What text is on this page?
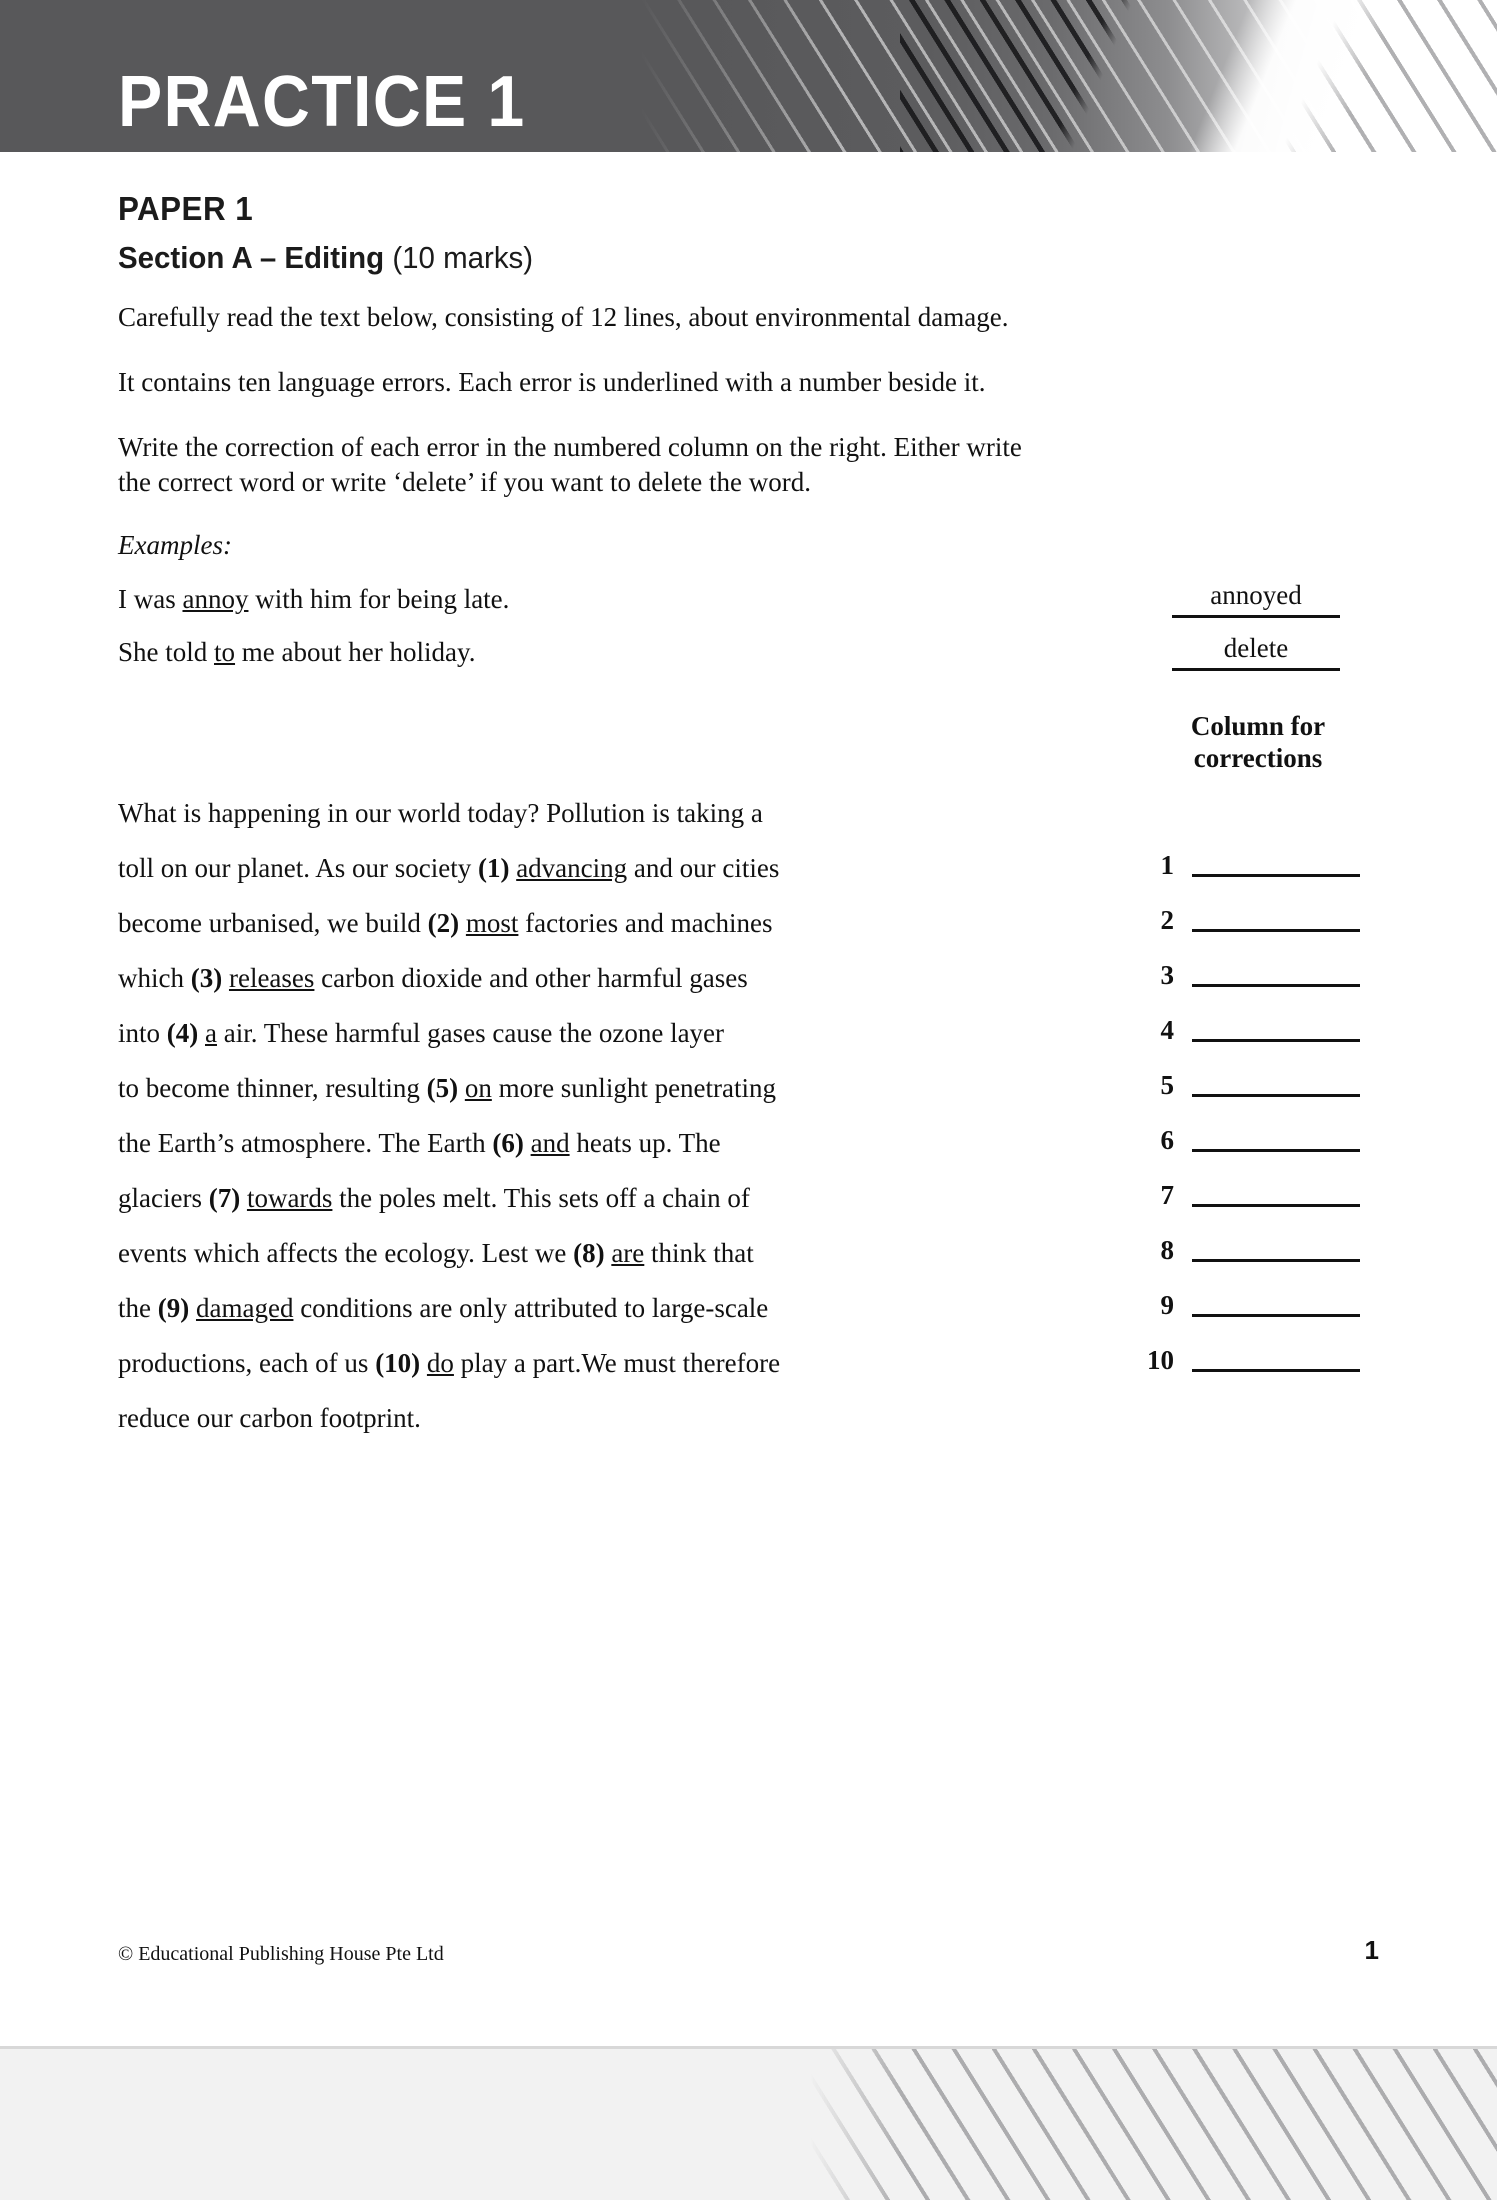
PRACTICE 1
PAPER 1
Section A – Editing (10 marks)
Carefully read the text below, consisting of 12 lines, about environmental damage.
It contains ten language errors. Each error is underlined with a number beside it.
Write the correction of each error in the numbered column on the right. Either write the correct word or write ‘delete’ if you want to delete the word.
Examples:
I was annoy with him for being late.
She told to me about her holiday.
annoyed
delete
Column for
corrections
What is happening in our world today? Pollution is taking a
toll on our planet. As our society (1) advancing and our cities
become urbanised, we build (2) most factories and machines
which (3) releases carbon dioxide and other harmful gases
into (4) a air. These harmful gases cause the ozone layer
to become thinner, resulting (5) on more sunlight penetrating
the Earth’s atmosphere. The Earth (6) and heats up. The
glaciers (7) towards the poles melt. This sets off a chain of
events which affects the ecology. Lest we (8) are think that
the (9) damaged conditions are only attributed to large-scale
productions, each of us (10) do play a part.We must therefore
reduce our carbon footprint.
1
2
3
4
5
6
7
8
9
10
© Educational Publishing House Pte Ltd	1
